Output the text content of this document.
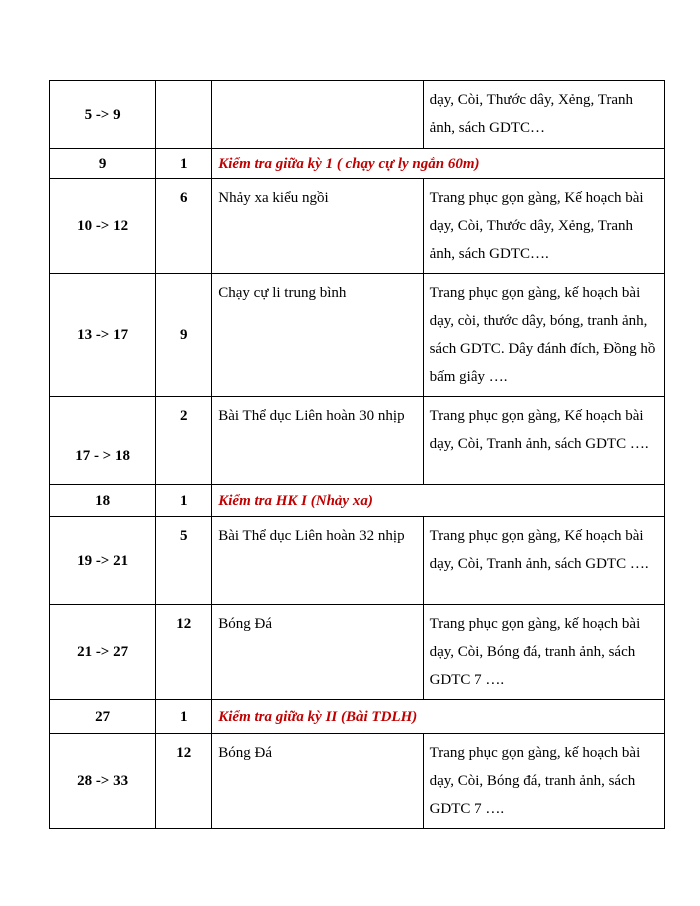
5 -> 9			dạy, Còi, Thước dây, Xẻng, Tranh ảnh, sách GDTC…
9	1	Kiểm tra giữa kỳ 1 ( chạy cự ly ngắn 60m)	
10 -> 12	6	Nhảy xa kiểu ngồi	Trang phục gọn gàng, Kế hoạch bài dạy, Còi, Thước dây, Xẻng, Tranh ảnh, sách GDTC….
13 -> 17	9	Chạy cự li trung bình	Trang phục gọn gàng, kế hoạch bài dạy, còi, thước dây, bóng, tranh ảnh, sách GDTC. Dây đánh đích, Đồng hồ bấm giây ….
17 - > 18	2	Bài Thể dục Liên hoàn 30 nhịp	Trang phục gọn gàng, Kế hoạch bài dạy, Còi, Tranh ảnh, sách GDTC ….
18	1	Kiểm tra HK I (Nhảy xa)	
19 -> 21	5	Bài Thể dục Liên hoàn 32 nhịp	Trang phục gọn gàng, Kế hoạch bài dạy, Còi, Tranh ảnh, sách GDTC ….
21 -> 27	12	Bóng Đá	Trang phục gọn gàng, kế hoạch bài dạy, Còi, Bóng đá, tranh ảnh, sách GDTC 7 ….
27	1	Kiểm tra giữa kỳ II (Bài TDLH)	
28 -> 33	12	Bóng Đá	Trang phục gọn gàng, kế hoạch bài dạy, Còi, Bóng đá, tranh ảnh, sách GDTC 7 ….
